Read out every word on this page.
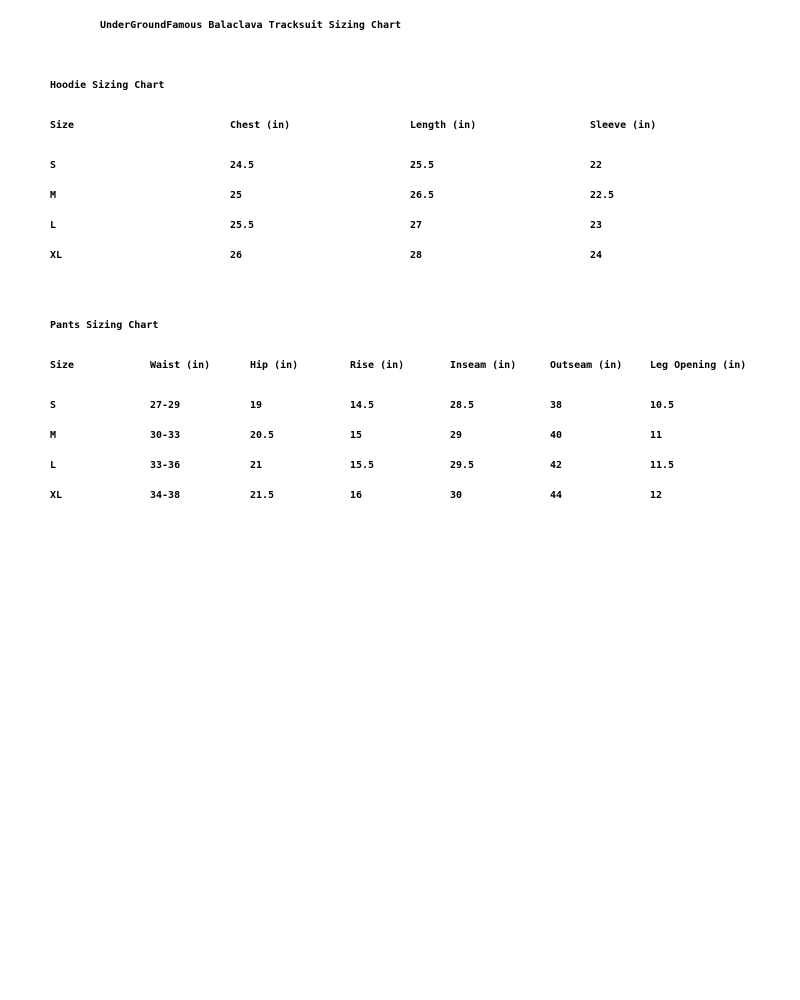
UnderGroundFamous Balaclava Tracksuit Sizing Chart
Hoodie Sizing Chart
Size	Chest (in)	Length (in)	Sleeve (in)
S	24.5	25.5	22
M	25	26.5	22.5
L	25.5	27	23
XL	26	28	24
Pants Sizing Chart
Size	Waist (in)	Hip (in)	Rise (in)	Inseam (in)	Outseam (in)	Leg Opening (in)
S	27-29	19	14.5	28.5	38	10.5
M	30-33	20.5	15	29	40	11
L	33-36	21	15.5	29.5	42	11.5
XL	34-38	21.5	16	30	44	12
